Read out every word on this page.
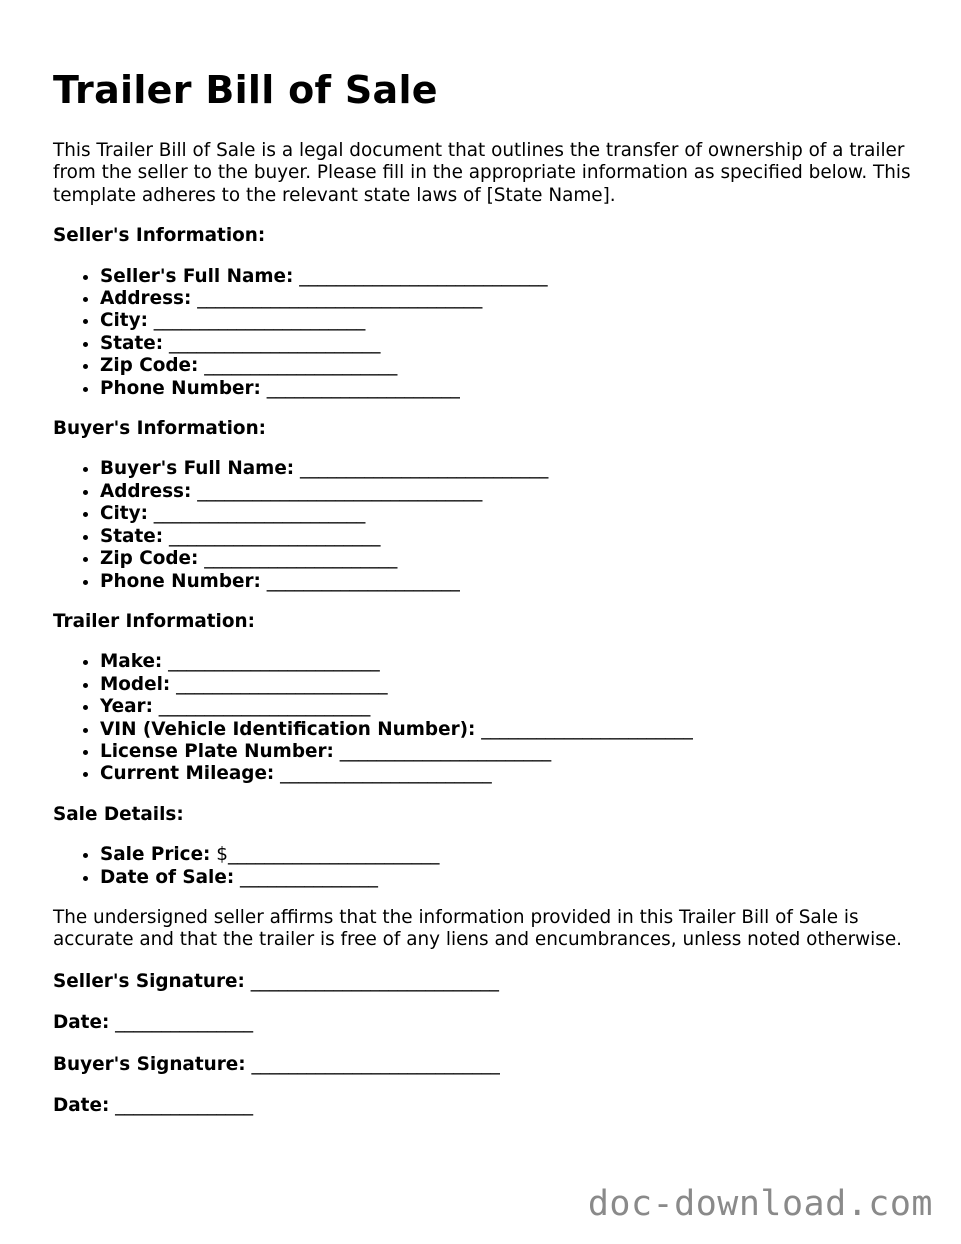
Trailer Bill of Sale

This Trailer Bill of Sale is a legal document that outlines the transfer of ownership of a trailer from the seller to the buyer. Please fill in the appropriate information as specified below. This template adheres to the relevant state laws of [State Name].

Seller's Information:

• Seller's Full Name: ___________________________
• Address: _______________________________
• City: _______________________
• State: _______________________
• Zip Code: _____________________
• Phone Number: _____________________

Buyer's Information:

• Buyer's Full Name: ___________________________
• Address: _______________________________
• City: _______________________
• State: _______________________
• Zip Code: _____________________
• Phone Number: _____________________

Trailer Information:

• Make: _______________________
• Model: _______________________
• Year: _______________________
• VIN (Vehicle Identification Number): _______________________
• License Plate Number: _______________________
• Current Mileage: _______________________

Sale Details:

• Sale Price: $_______________________
• Date of Sale: _______________

The undersigned seller affirms that the information provided in this Trailer Bill of Sale is accurate and that the trailer is free of any liens and encumbrances, unless noted otherwise.

Seller's Signature: ___________________________

Date: _______________

Buyer's Signature: ___________________________

Date: _______________

doc-download.com
